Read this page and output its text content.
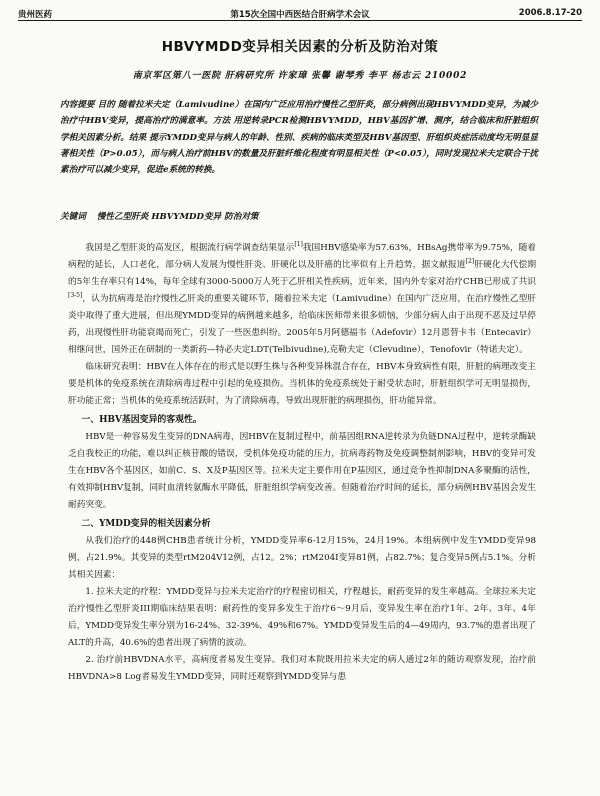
贵州医药	第15次全国中西医结合肝病学术会议	2006.8.17-20
HBVYMDD变异相关因素的分析及防治对策
南京军区第八一医院 肝病研究所 许家璋 张馨 谢琴秀 李平 杨志云 210002

内容提要 目的 随着拉米夫定（Lamivudine）在国内广泛应用治疗慢性乙型肝炎，部分病例出现HBVYMDD变异，为减少治疗中HBV变异，提高治疗的满意率。方法 用逆转录PCR检测HBVYMDD，HBV基因扩增、测序，结合临床和肝脏组织学相关因素分析。结果 提示YMDD变异与病人的年龄、性别、疾病的临床类型及HBV基因型、肝组织炎症活动度均无明显显著相关性（P>0.05），而与病人治疗前HBV的数量及肝脏纤维化程度有明显相关性（P<0.05），同时发现拉米夫定联合干扰素治疗可以减少变异，促进e系统的转换。

关键词 慢性乙型肝炎 HBVYMDD变异 防治对策

我国是乙型肝炎的高发区，根据流行病学调查结果显示[1]我国HBV感染率为57.63%，HBsAg携带率为9.75%，随着病程的延长，人口老化，部分病人发展为慢性肝炎、肝硬化以及肝癌的比率似有上升趋势，据文献报道[2]肝硬化大代偿期的5年生存率只有14%，每年全球有3000-5000万人死于乙肝相关性疾病，近年来，国内外专家对治疗CHB已形成了共识[3-5]，认为抗病毒是治疗慢性乙肝炎的重要关键环节，随着拉米夫定（Lamivudine）在国内广泛应用，在治疗慢性乙型肝炎中取得了重大进展，但出现YMDD变异的病例越来越多，给临床医师带来很多烦恼，少部分病人由于出现不恶及过早停药，出现慢性肝功能衰竭而死亡，引发了一些医患纠纷。2005年5月阿德福韦（Adefovir）12月恩替卡韦（Entecavir）相继问世，国外正在研制的一类新药—特必夫定LDT(Telbivudine),克勒夫定（Clevudine），Tenofovir（特诺夫定）。

临床研究表明：HBV在人体存在的形式是以野生株与各种变异株混合存在，HBV本身致病性有限，肝脏的病理改变主要是机体的免疫系统在清除病毒过程中引起的免疫损伤。当机体的免疫系统处于耐受状态时，肝脏组织学可无明显损伤，肝功能正常；当机体的免疫系统活跃时，为了清除病毒，导致出现肝脏的病理损伤，肝功能异常。

一、HBV基因变异的客观性。

HBV是一种容易发生变异的DNA病毒，因HBV在复制过程中，前基因组RNA逆转录为负链DNA过程中，逆转录酶缺乏自我校正的功能，难以纠正核苷酸的错误，受机体免疫功能的压力，抗病毒药物及免疫调整制剂影响，HBV的变异可发生在HBV各个基因区，如前C、S、X及P基因区等。拉米夫定主要作用在P基因区，通过竞争性抑制DNA多聚酶的活性，有效抑制HBV复制，同时血清转氨酶水平降低，肝脏组织学病变改善。但随着治疗时间的延长，部分病例HBV基因会发生耐药突变。

二、YMDD变异的相关因素分析

从我们治疗的448例CHB患者统计分析，YMDD变异率6-12月15%，24月19%。本组病例中发生YMDD变异98例，占21.9%。其变异的类型rtM204V12例，占12。2%；rtM204I变异81例，占82.7%；复合变异5例占5.1%。分析其相关因素：

1. 拉米夫定的疗程：YMDD变异与拉米夫定治疗的疗程密切相关，疗程越长，耐药变异的发生率越高。全球拉米夫定治疗慢性乙型肝炎III期临床结果表明：耐药性的变异多发生于治疗6～9月后，变异发生率在治疗1年、2年、3年、4年后，YMDD变异发生率分别为16-24%、32-39%、49%和67%。YMDD变异发生后的4—49周内，93.7%的患者出现了ALT的升高，40.6%的患者出现了病情的波动。

2. 治疗前HBVDNA水平，高病度者易发生变异。我们对本院既用拉米夫定的病人通过2年的随访观察发现，治疗前HBVDNA>8 Log者易发生YMDD变异，同时还观察到YMDD变异与患
